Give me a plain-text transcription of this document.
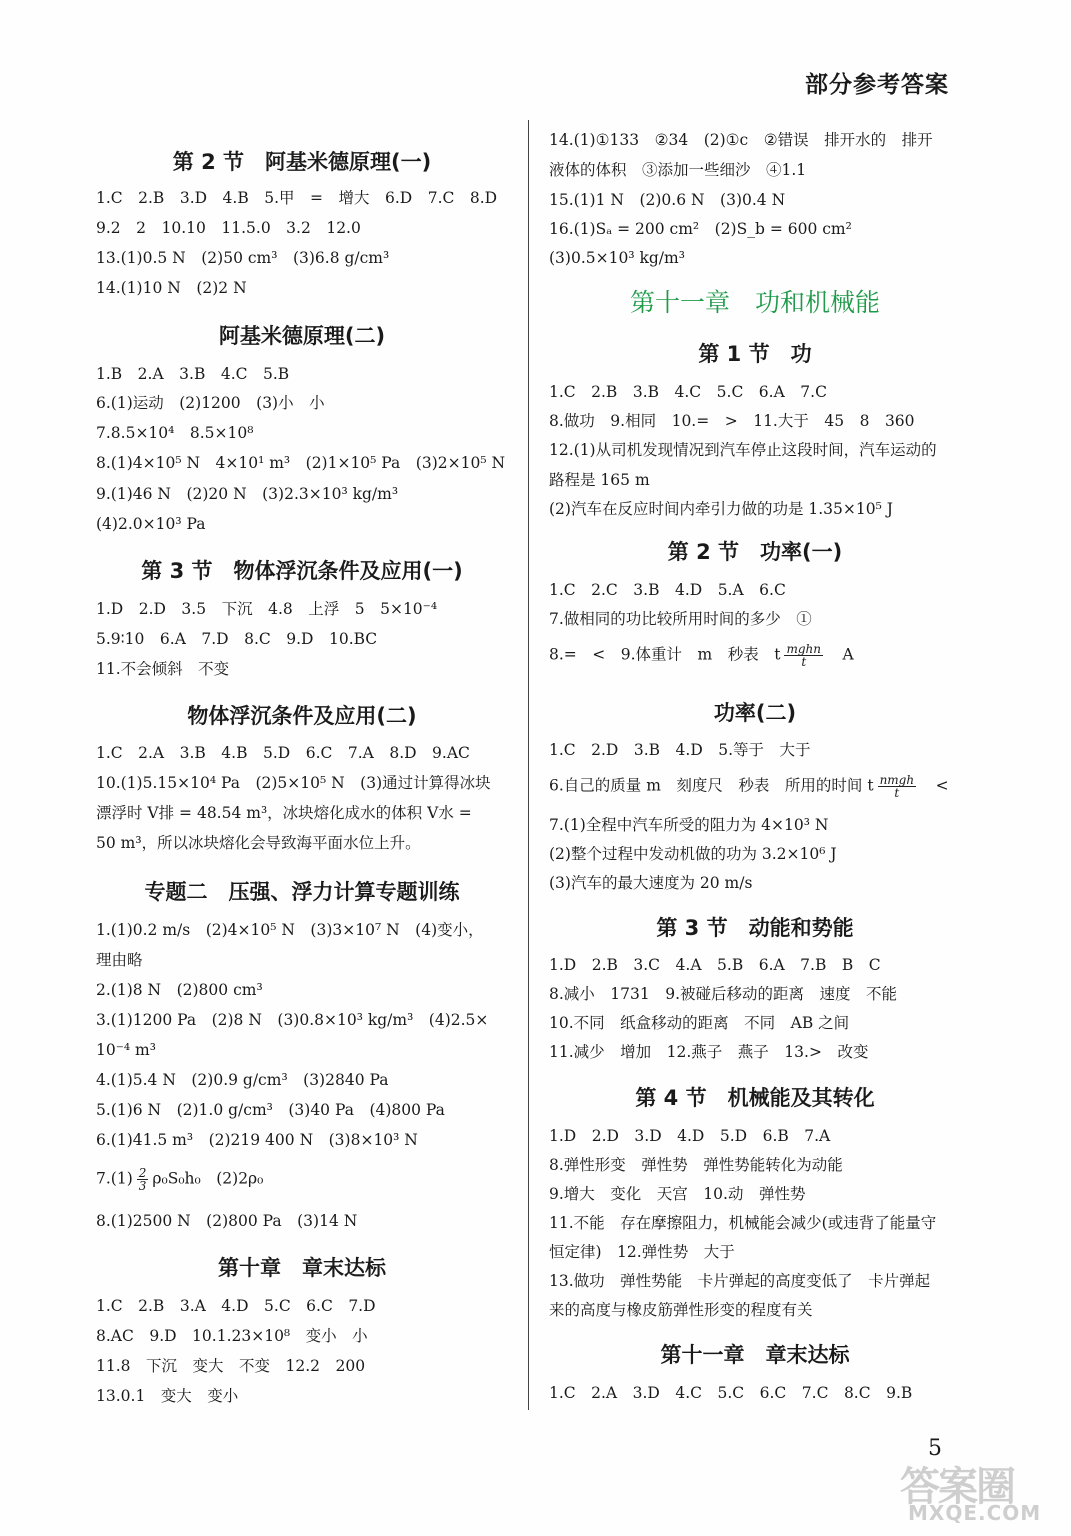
部分参考答案
第 2 节　阿基米德原理(一)
1.C　2.B　3.D　4.B　5.甲　=　增大　6.D　7.C　8.D
9.2　2　10.10　11.5.0　3.2　12.0
13.(1)0.5 N　(2)50 cm³　(3)6.8 g/cm³
14.(1)10 N　(2)2 N
阿基米德原理(二)
1.B　2.A　3.B　4.C　5.B
6.(1)运动　(2)1200　(3)小　小
7.8.5×10⁴　8.5×10⁸
8.(1)4×10⁵ N　4×10¹ m³　(2)1×10⁵ Pa　(3)2×10⁵ N
9.(1)46 N　(2)20 N　(3)2.3×10³ kg/m³
(4)2.0×10³ Pa
第 3 节　物体浮沉条件及应用(一)
1.D　2.D　3.5　下沉　4.8　上浮　5　5×10⁻⁴
5.9∶10　6.A　7.D　8.C　9.D　10.BC
11.不会倾斜　不变
物体浮沉条件及应用(二)
1.C　2.A　3.B　4.B　5.D　6.C　7.A　8.D　9.AC
10.(1)5.15×10⁴ Pa　(2)5×10⁵ N　(3)通过计算得冰块
漂浮时 V排 = 48.54 m³，冰块熔化成水的体积 V水 =
50 m³，所以冰块熔化会导致海平面水位上升。
专题二　压强、浮力计算专题训练
1.(1)0.2 m/s　(2)4×10⁵ N　(3)3×10⁷ N　(4)变小，
理由略
2.(1)8 N　(2)800 cm³
3.(1)1200 Pa　(2)8 N　(3)0.8×10³ kg/m³　(4)2.5×
10⁻⁴ m³
4.(1)5.4 N　(2)0.9 g/cm³　(3)2840 Pa
5.(1)6 N　(2)1.0 g/cm³　(3)40 Pa　(4)800 Pa
6.(1)41.5 m³　(2)219 400 N　(3)8×10³ N
$7.(1) \frac{2}{3} \rho_0S_0h_0$　(2)2ρ₀
8.(1)2500 N　(2)800 Pa　(3)14 N
第十章　章末达标
1.C　2.B　3.A　4.D　5.C　6.C　7.D
8.AC　9.D　10.1.23×10⁸　变小　小
11.8　下沉　变大　不变　12.2　200
13.0.1　变大　变小
14.(1)①133　②34　(2)①c　②错误　排开水的　排开
液体的体积　③添加一些细沙　④1.1
15.(1)1 N　(2)0.6 N　(3)0.4 N
16.(1)Sₐ = 200 cm²　(2)S_b = 600 cm²
(3)0.5×10³ kg/m³
第十一章　功和机械能
第 1 节　功
1.C　2.B　3.B　4.C　5.C　6.A　7.C
8.做功　9.相同　10.=　>　11.大于　45　8　360
12.(1)从司机发现情况到汽车停止这段时间，汽车运动的
路程是 165 m
(2)汽车在反应时间内牵引力做的功是 1.35×10⁵ J
第 2 节　功率(一)
1.C　2.C　3.B　4.D　5.A　6.C
7.做相同的功比较所用时间的多少　①
8.=　<　9.体重计　m　秒表　t $\frac{\text{mghn}}{t}$
　 A
功率(二)
1.C　2.D　3.B　4.D　5.等于　大于
6.自己的质量 m　刻度尺　秒表　所用的时间 t $\frac{\text{nmgh}}{t}$
　 <
7.(1)全程中汽车所受的阻力为 4×10³ N
(2)整个过程中发动机做的功为 3.2×10⁶ J
(3)汽车的最大速度为 20 m/s
第 3 节　动能和势能
1.D　2.B　3.C　4.A　5.B　6.A　7.B　B　C
8.减小　1731　9.被碰后移动的距离　速度　不能
10.不同　纸盒移动的距离　不同　AB 之间
11.减少　增加　12.燕子　燕子　13.>　改变
第 4 节　机械能及其转化
1.D　2.D　3.D　4.D　5.D　6.B　7.A
8.弹性形变　弹性势　弹性势能转化为动能
9.增大　变化　天宫　10.动　弹性势
11.不能　存在摩擦阻力，机械能会减少(或违背了能量守
恒定律)　12.弹性势　大于
13.做功　弹性势能　卡片弹起的高度变低了　卡片弹起
来的高度与橡皮筋弹性形变的程度有关
第十一章　章末达标
1.C　2.A　3.D　4.C　5.C　6.C　7.C　8.C　9.B
5
答案圈
MXQE.COM
